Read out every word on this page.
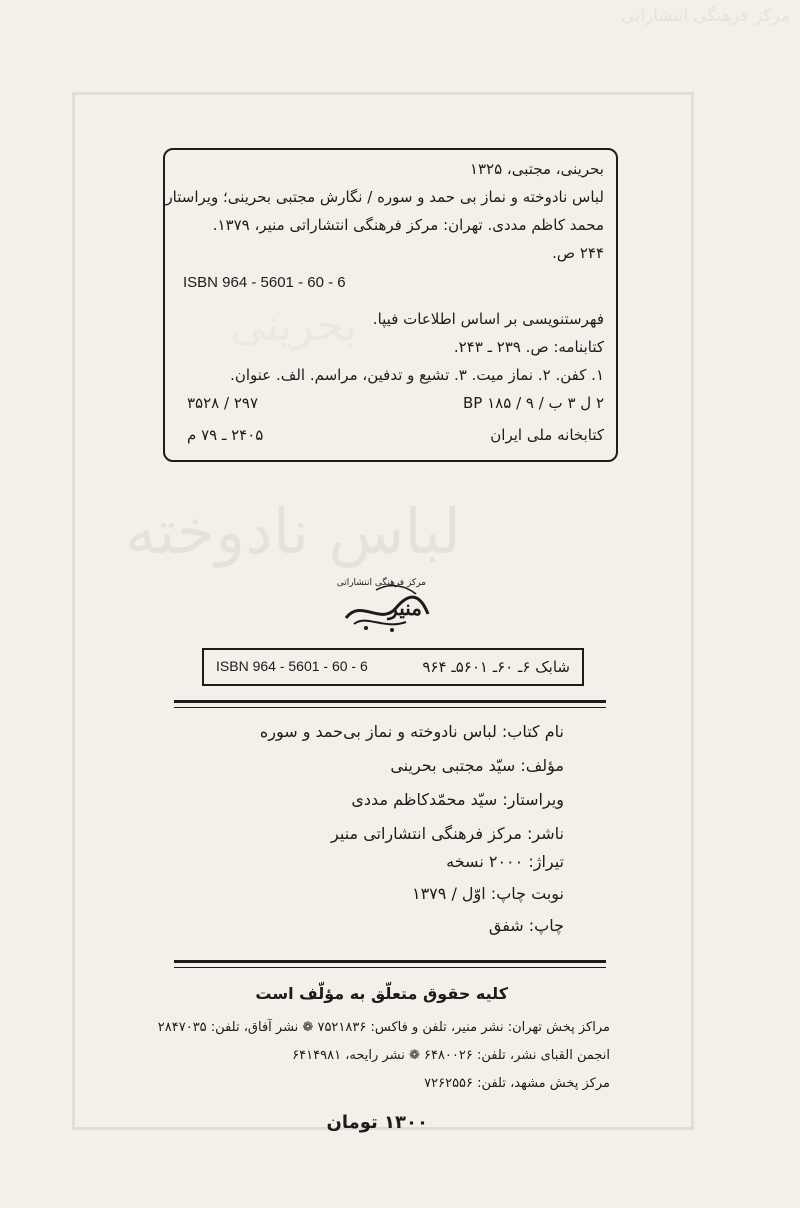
مرکز فرهنگی انتشاراتی
لباس نادوخته
بحرینی
بحرینی، مجتبی، ۱۳۲۵
لباس نادوخته و نماز بی حمد و سوره / نگارش مجتبی بحرینی؛ ویراستار
محمد کاظم مددی. تهران: مرکز فرهنگی انتشاراتی منیر، ۱۳۷۹.
۲۴۴ ص.
ISBN 964 - 5601 - 60 - 6
فهرستنویسی بر اساس اطلاعات فیپا.
کتابنامه: ص. ۲۳۹ ـ ۲۴۳.
۱. کفن. ۲. نماز میت. ۳. تشیع و تدفین، مراسم. الف. عنوان.
۲ ل ۳ ب / ۹ / BP ۱۸۵
۲۹۷ / ۳۵۲۸
کتابخانه ملی ایران
۲۴۰۵ ـ ۷۹ م
منیر
مرکز فرهنگی انتشاراتی
شابک ۶ـ ۶۰ـ ۵۶۰۱ـ ۹۶۴
ISBN 964 - 5601 - 60 - 6
نام کتاب: لباس نادوخته و نماز بی‌حمد و سوره
مؤلف: سیّد مجتبی بحرینی
ویراستار: سیّد محمّدکاظم مددی
ناشر: مرکز فرهنگی انتشاراتی منیر
تیراژ: ۲۰۰۰ نسخه
نوبت چاپ: اوّل / ۱۳۷۹
چاپ: شفق
کلیه حقوق متعلّق به مؤلّف است
مراکز پخش تهران: نشر منیر، تلفن و فاکس: ۷۵۲۱۸۳۶ ❁ نشر آفاق، تلفن: ۲۸۴۷۰۳۵
انجمن القبای نشر، تلفن: ۶۴۸۰۰۲۶ ❁ نشر رایحه، ۶۴۱۴۹۸۱
مرکز پخش مشهد، تلفن: ۷۲۶۲۵۵۶
۱۳۰۰ تومان
